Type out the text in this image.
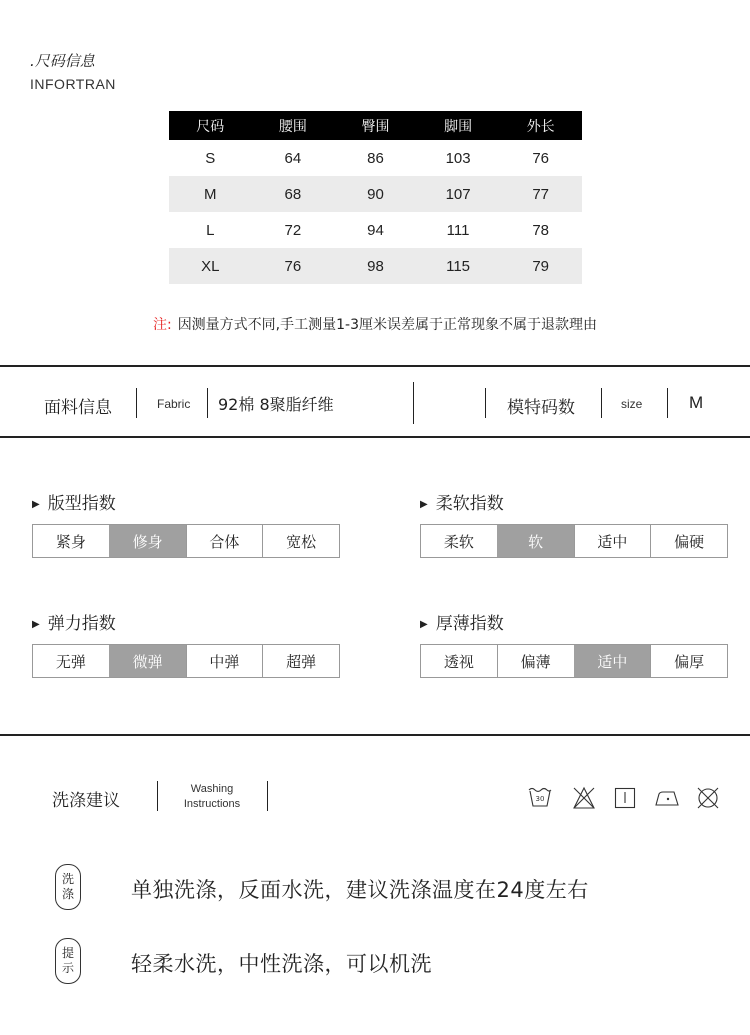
.尺码信息
INFORTRAN
尺码	腰围	臀围	脚围	外长
S	64	86	103	76
M	68	90	107	77
L	72	94	111	78
XL	76	98	115	79
注: 因测量方式不同,手工测量1-3厘米误差属于正常现象不属于退款理由
面料信息	Fabric 92棉 8聚脂纤维	模特码数	size	M
▶ 版型指数
紧身	修身	合体	宽松
▶ 柔软指数
柔软	软	适中	偏硬
▶ 弹力指数
无弹	微弹	中弹	超弹
▶ 厚薄指数
透视	偏薄	适中	偏厚
洗涤建议
Washing
Instructions	30
洗
涤	单独洗涤，反面水洗，建议洗涤温度在24度左右
提
示	轻柔水洗，中性洗涤，可以机洗
